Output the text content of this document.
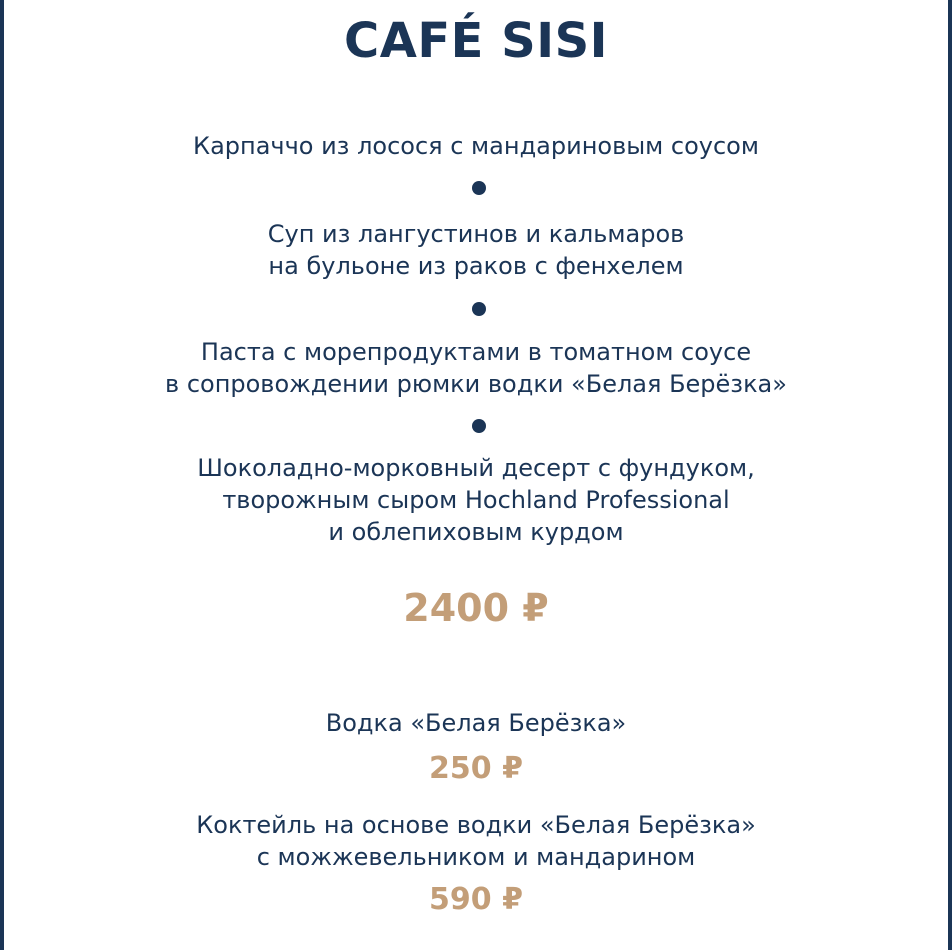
CAFÉ SISI
Карпаччо из лосося с мандариновым соусом
Суп из лангустинов и кальмаров
на бульоне из раков с фенхелем
Паста с морепродуктами в томатном соусе
в сопровождении рюмки водки «Белая Берёзка»
Шоколадно-морковный десерт с фундуком,
творожным сыром Hochland Professional
и облепиховым курдом
2400 ₽
Водка «Белая Берёзка»
250 ₽
Коктейль на основе водки «Белая Берёзка»
с можжевельником и мандарином
590 ₽
